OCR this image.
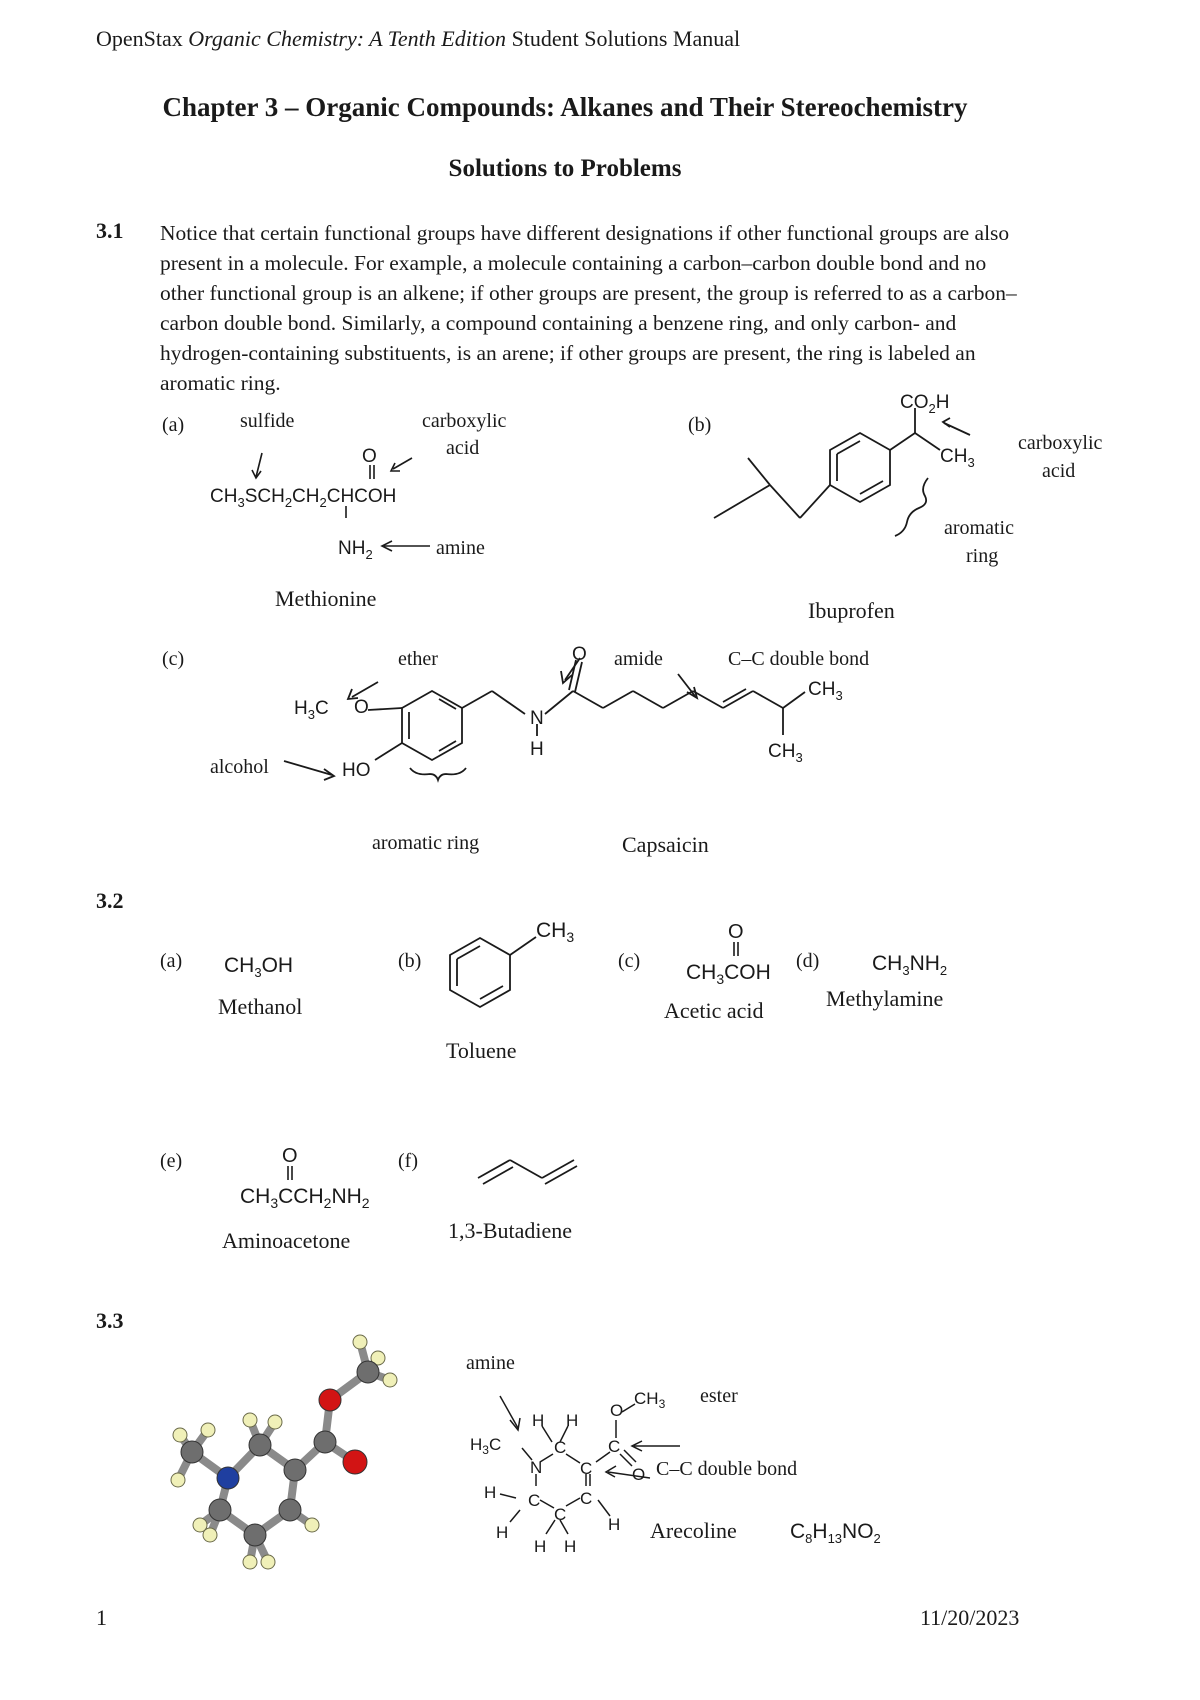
OpenStax Organic Chemistry: A Tenth Edition Student Solutions Manual
Chapter 3 – Organic Compounds: Alkanes and Their Stereochemistry
Solutions to Problems
3.1 Notice that certain functional groups have different designations if other functional groups are also present in a molecule. For example, a molecule containing a carbon–carbon double bond and no other functional group is an alkene; if other groups are present, the group is referred to as a carbon–carbon double bond. Similarly, a compound containing a benzene ring, and only carbon- and hydrogen-containing substituents, is an arene; if other groups are present, the ring is labeled an aromatic ring.
(a)	sulfide	carboxylic
acid
amine
Methionine
O
$CH_3SCH_2CH_2CHCOH$
$NH_2$
(b)
carboxylic
acid
aromatic
ring
Ibuprofen
$CO_2H$
$CH_3$
(c)	ether	amide	C–C double bond
alcohol
aromatic ring	Capsaicin
$H_3C$ O
HO
N
H
O
$CH_3$
$CH_3$
3.2
(a) $CH_3OH$
Methanol
(b)
$CH_3$
Toluene
(c)
O
$CH_3COH$
Acetic acid
(d)	$CH_3NH_2$
Methylamine
(e)	O
$CH_3CCH_2NH_2$
Aminoacetone
(f)
1,3-Butadiene
3.3
amine
ester
C–C double bond
Arecoline	$C_8H_{13}NO_2$
$H_3C$
N
C
H H
C
C
C
C
H
H
H H
H
C
O
$CH_3$
O
1	11/20/2023
